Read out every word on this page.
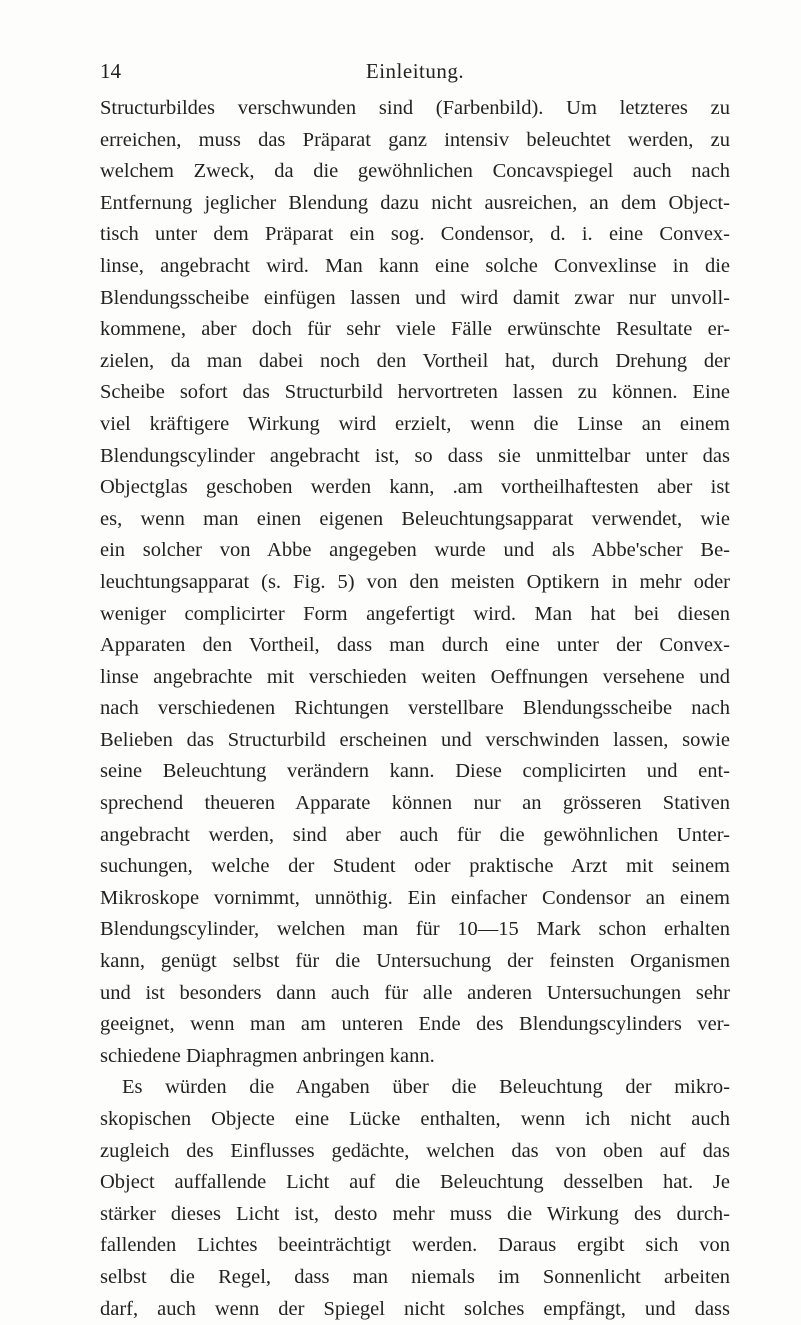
14	Einleitung.
Structurbildes verschwunden sind (Farbenbild). Um letzteres zu
erreichen, muss das Präparat ganz intensiv beleuchtet werden, zu
welchem Zweck, da die gewöhnlichen Concavspiegel auch nach
Entfernung jeglicher Blendung dazu nicht ausreichen, an dem Object-
tisch unter dem Präparat ein sog. Condensor, d. i. eine Convex-
linse, angebracht wird. Man kann eine solche Convexlinse in die
Blendungsscheibe einfügen lassen und wird damit zwar nur unvoll-
kommene, aber doch für sehr viele Fälle erwünschte Resultate er-
zielen, da man dabei noch den Vortheil hat, durch Drehung der
Scheibe sofort das Structurbild hervortreten lassen zu können. Eine
viel kräftigere Wirkung wird erzielt, wenn die Linse an einem
Blendungscylinder angebracht ist, so dass sie unmittelbar unter das
Objectglas geschoben werden kann, .am vortheilhaftesten aber ist
es, wenn man einen eigenen Beleuchtungsapparat verwendet, wie
ein solcher von Abbe angegeben wurde und als Abbe'scher Be-
leuchtungsapparat (s. Fig. 5) von den meisten Optikern in mehr oder
weniger complicirter Form angefertigt wird. Man hat bei diesen
Apparaten den Vortheil, dass man durch eine unter der Convex-
linse angebrachte mit verschieden weiten Oeffnungen versehene und
nach verschiedenen Richtungen verstellbare Blendungsscheibe nach
Belieben das Structurbild erscheinen und verschwinden lassen, sowie
seine Beleuchtung verändern kann. Diese complicirten und ent-
sprechend theueren Apparate können nur an grösseren Stativen
angebracht werden, sind aber auch für die gewöhnlichen Unter-
suchungen, welche der Student oder praktische Arzt mit seinem
Mikroskope vornimmt, unnöthig. Ein einfacher Condensor an einem
Blendungscylinder, welchen man für 10—15 Mark schon erhalten
kann, genügt selbst für die Untersuchung der feinsten Organismen
und ist besonders dann auch für alle anderen Untersuchungen sehr
geeignet, wenn man am unteren Ende des Blendungscylinders ver-
schiedene Diaphragmen anbringen kann.
Es würden die Angaben über die Beleuchtung der mikro-
skopischen Objecte eine Lücke enthalten, wenn ich nicht auch
zugleich des Einflusses gedächte, welchen das von oben auf das
Object auffallende Licht auf die Beleuchtung desselben hat. Je
stärker dieses Licht ist, desto mehr muss die Wirkung des durch-
fallenden Lichtes beeinträchtigt werden. Daraus ergibt sich von
selbst die Regel, dass man niemals im Sonnenlicht arbeiten
darf, auch wenn der Spiegel nicht solches empfängt, und dass
